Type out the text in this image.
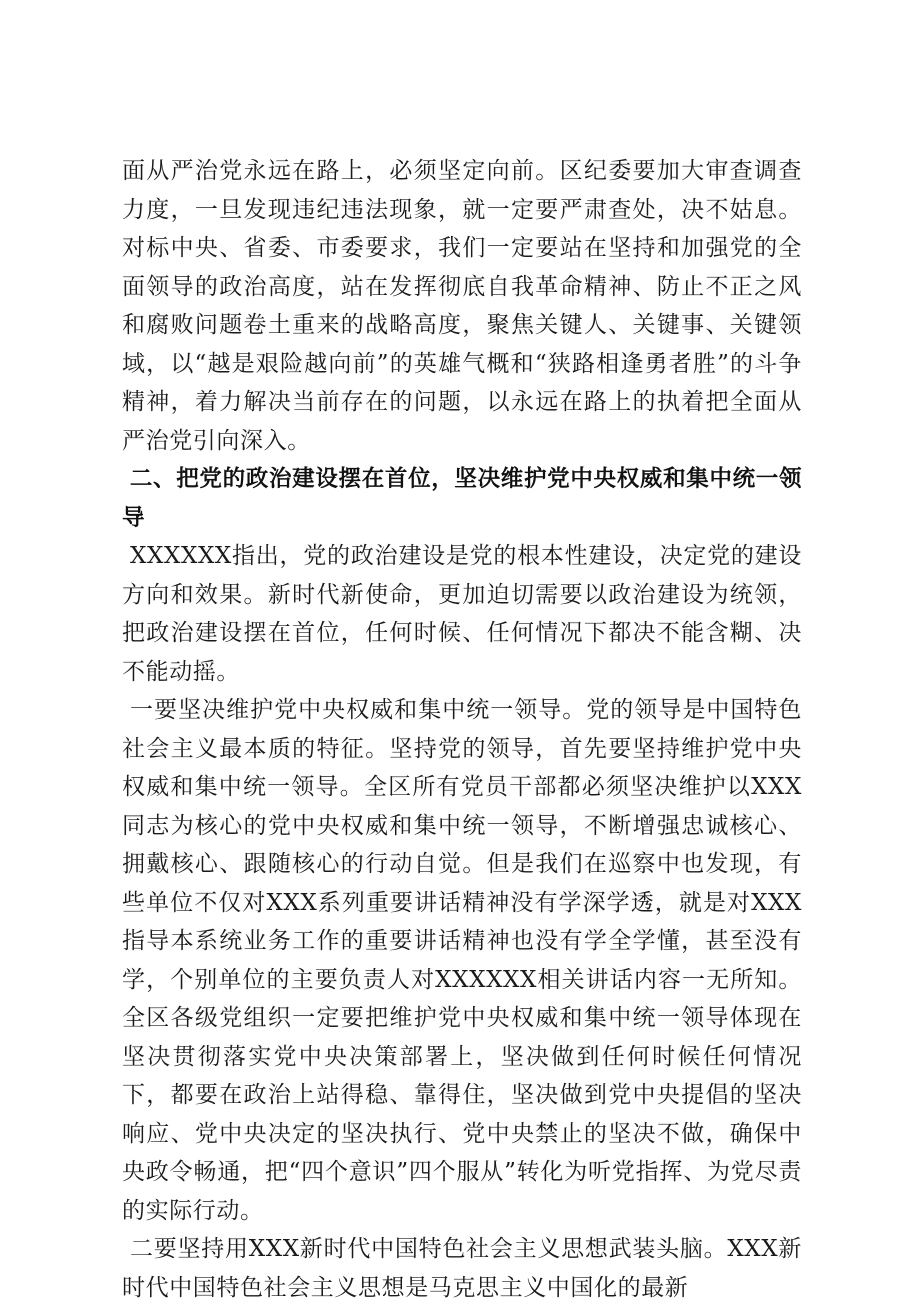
面从严治党永远在路上，必须坚定向前。区纪委要加大审查调查力度，一旦发现违纪违法现象，就一定要严肃查处，决不姑息。对标中央、省委、市委要求，我们一定要站在坚持和加强党的全面领导的政治高度，站在发挥彻底自我革命精神、防止不正之风和腐败问题卷土重来的战略高度，聚焦关键人、关键事、关键领域，以“越是艰险越向前”的英雄气概和“狭路相逢勇者胜”的斗争精神，着力解决当前存在的问题，以永远在路上的执着把全面从严治党引向深入。

二、把党的政治建设摆在首位，坚决维护党中央权威和集中统一领导

XXXXXX指出，党的政治建设是党的根本性建设，决定党的建设方向和效果。新时代新使命，更加迫切需要以政治建设为统领，把政治建设摆在首位，任何时候、任何情况下都决不能含糊、决不能动摇。

一要坚决维护党中央权威和集中统一领导。党的领导是中国特色社会主义最本质的特征。坚持党的领导，首先要坚持维护党中央权威和集中统一领导。全区所有党员干部都必须坚决维护以XXX同志为核心的党中央权威和集中统一领导，不断增强忠诚核心、拥戴核心、跟随核心的行动自觉。但是我们在巡察中也发现，有些单位不仅对XXX系列重要讲话精神没有学深学透，就是对XXX指导本系统业务工作的重要讲话精神也没有学全学懂，甚至没有学，个别单位的主要负责人对XXXXXX相关讲话内容一无所知。全区各级党组织一定要把维护党中央权威和集中统一领导体现在坚决贯彻落实党中央决策部署上，坚决做到任何时候任何情况下，都要在政治上站得稳、靠得住，坚决做到党中央提倡的坚决响应、党中央决定的坚决执行、党中央禁止的坚决不做，确保中央政令畅通，把“四个意识”四个服从”转化为听党指挥、为党尽责的实际行动。

二要坚持用XXX新时代中国特色社会主义思想武装头脑。XXX新时代中国特色社会主义思想是马克思主义中国化的最新
